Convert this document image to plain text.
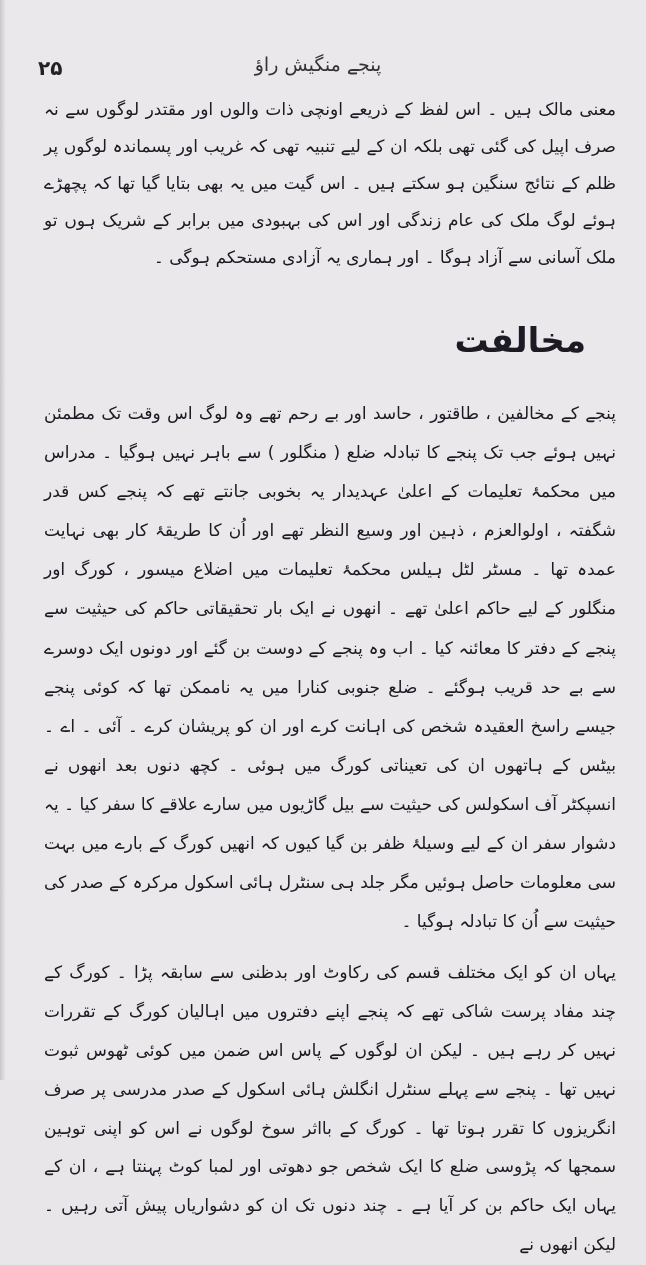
۲۵	پنجے منگیش راؤ

معنی مالک ہیں ۔ اس لفظ کے ذریعے اونچی ذات والوں اور مقتدر لوگوں سے نہ صرف اپیل کی گئی تھی بلکہ ان کے لیے تنبیہ تھی کہ غریب اور پسماندہ لوگوں پر ظلم کے نتائج سنگین ہو سکتے ہیں ۔ اس گیت میں یہ بھی بتایا گیا تھا کہ پچھڑے ہوئے لوگ ملک کی عام زندگی اور اس کی بہبودی میں برابر کے شریک ہوں تو ملک آسانی سے آزاد ہوگا ۔ اور ہماری یہ آزادی مستحکم ہوگی ۔

مخالفت

پنجے کے مخالفین ، طاقتور ، حاسد اور بے رحم تھے وہ لوگ اس وقت تک مطمئن نہیں ہوئے جب تک پنجے کا تبادلہ ضلع ( منگلور ) سے باہر نہیں ہوگیا ۔ مدراس میں محکمۂ تعلیمات کے اعلیٰ عہدیدار یہ بخوبی جانتے تھے کہ پنجے کس قدر شگفتہ ، اولوالعزم ، ذہین اور وسیع النظر تھے اور اُن کا طریقۂ کار بھی نہایت عمدہ تھا ۔ مسٹر لٹل ہیلس محکمۂ تعلیمات میں اضلاع میسور ، کورگ اور منگلور کے لیے حاکم اعلیٰ تھے ۔ انھوں نے ایک بار تحقیقاتی حاکم کی حیثیت سے پنجے کے دفتر کا معائنہ کیا ۔ اب وہ پنجے کے دوست بن گئے اور دونوں ایک دوسرے سے بے حد قریب ہوگئے ۔ ضلع جنوبی کنارا میں یہ ناممکن تھا کہ کوئی پنجے جیسے راسخ العقیدہ شخص کی اہانت کرے اور ان کو پریشان کرے ۔ آئی ۔ اے ۔ بیٹس کے ہاتھوں ان کی تعیناتی کورگ میں ہوئی ۔ کچھ دنوں بعد انھوں نے انسپکٹر آف اسکولس کی حیثیت سے بیل گاڑیوں میں سارے علاقے کا سفر کیا ۔ یہ دشوار سفر ان کے لیے وسیلۂ ظفر بن گیا کیوں کہ انھیں کورگ کے بارے میں بہت سی معلومات حاصل ہوئیں مگر جلد ہی سنٹرل ہائی اسکول مرکرہ کے صدر کی حیثیت سے اُن کا تبادلہ ہوگیا ۔

یہاں ان کو ایک مختلف قسم کی رکاوٹ اور بدظنی سے سابقہ پڑا ۔ کورگ کے چند مفاد پرست شاکی تھے کہ پنجے اپنے دفتروں میں اہالیان کورگ کے تقررات نہیں کر رہے ہیں ۔ لیکن ان لوگوں کے پاس اس ضمن میں کوئی ٹھوس ثبوت نہیں تھا ۔ پنجے سے پہلے سنٹرل انگلش ہائی اسکول کے صدر مدرسی پر صرف انگریزوں کا تقرر ہوتا تھا ۔ کورگ کے بااثر سوخ لوگوں نے اس کو اپنی توہین سمجھا کہ پڑوسی ضلع کا ایک شخص جو دھوتی اور لمبا کوٹ پہنتا ہے ، ان کے یہاں ایک حاکم بن کر آیا ہے ۔ چند دنوں تک ان کو دشواریاں پیش آتی رہیں ۔ لیکن انھوں نے
